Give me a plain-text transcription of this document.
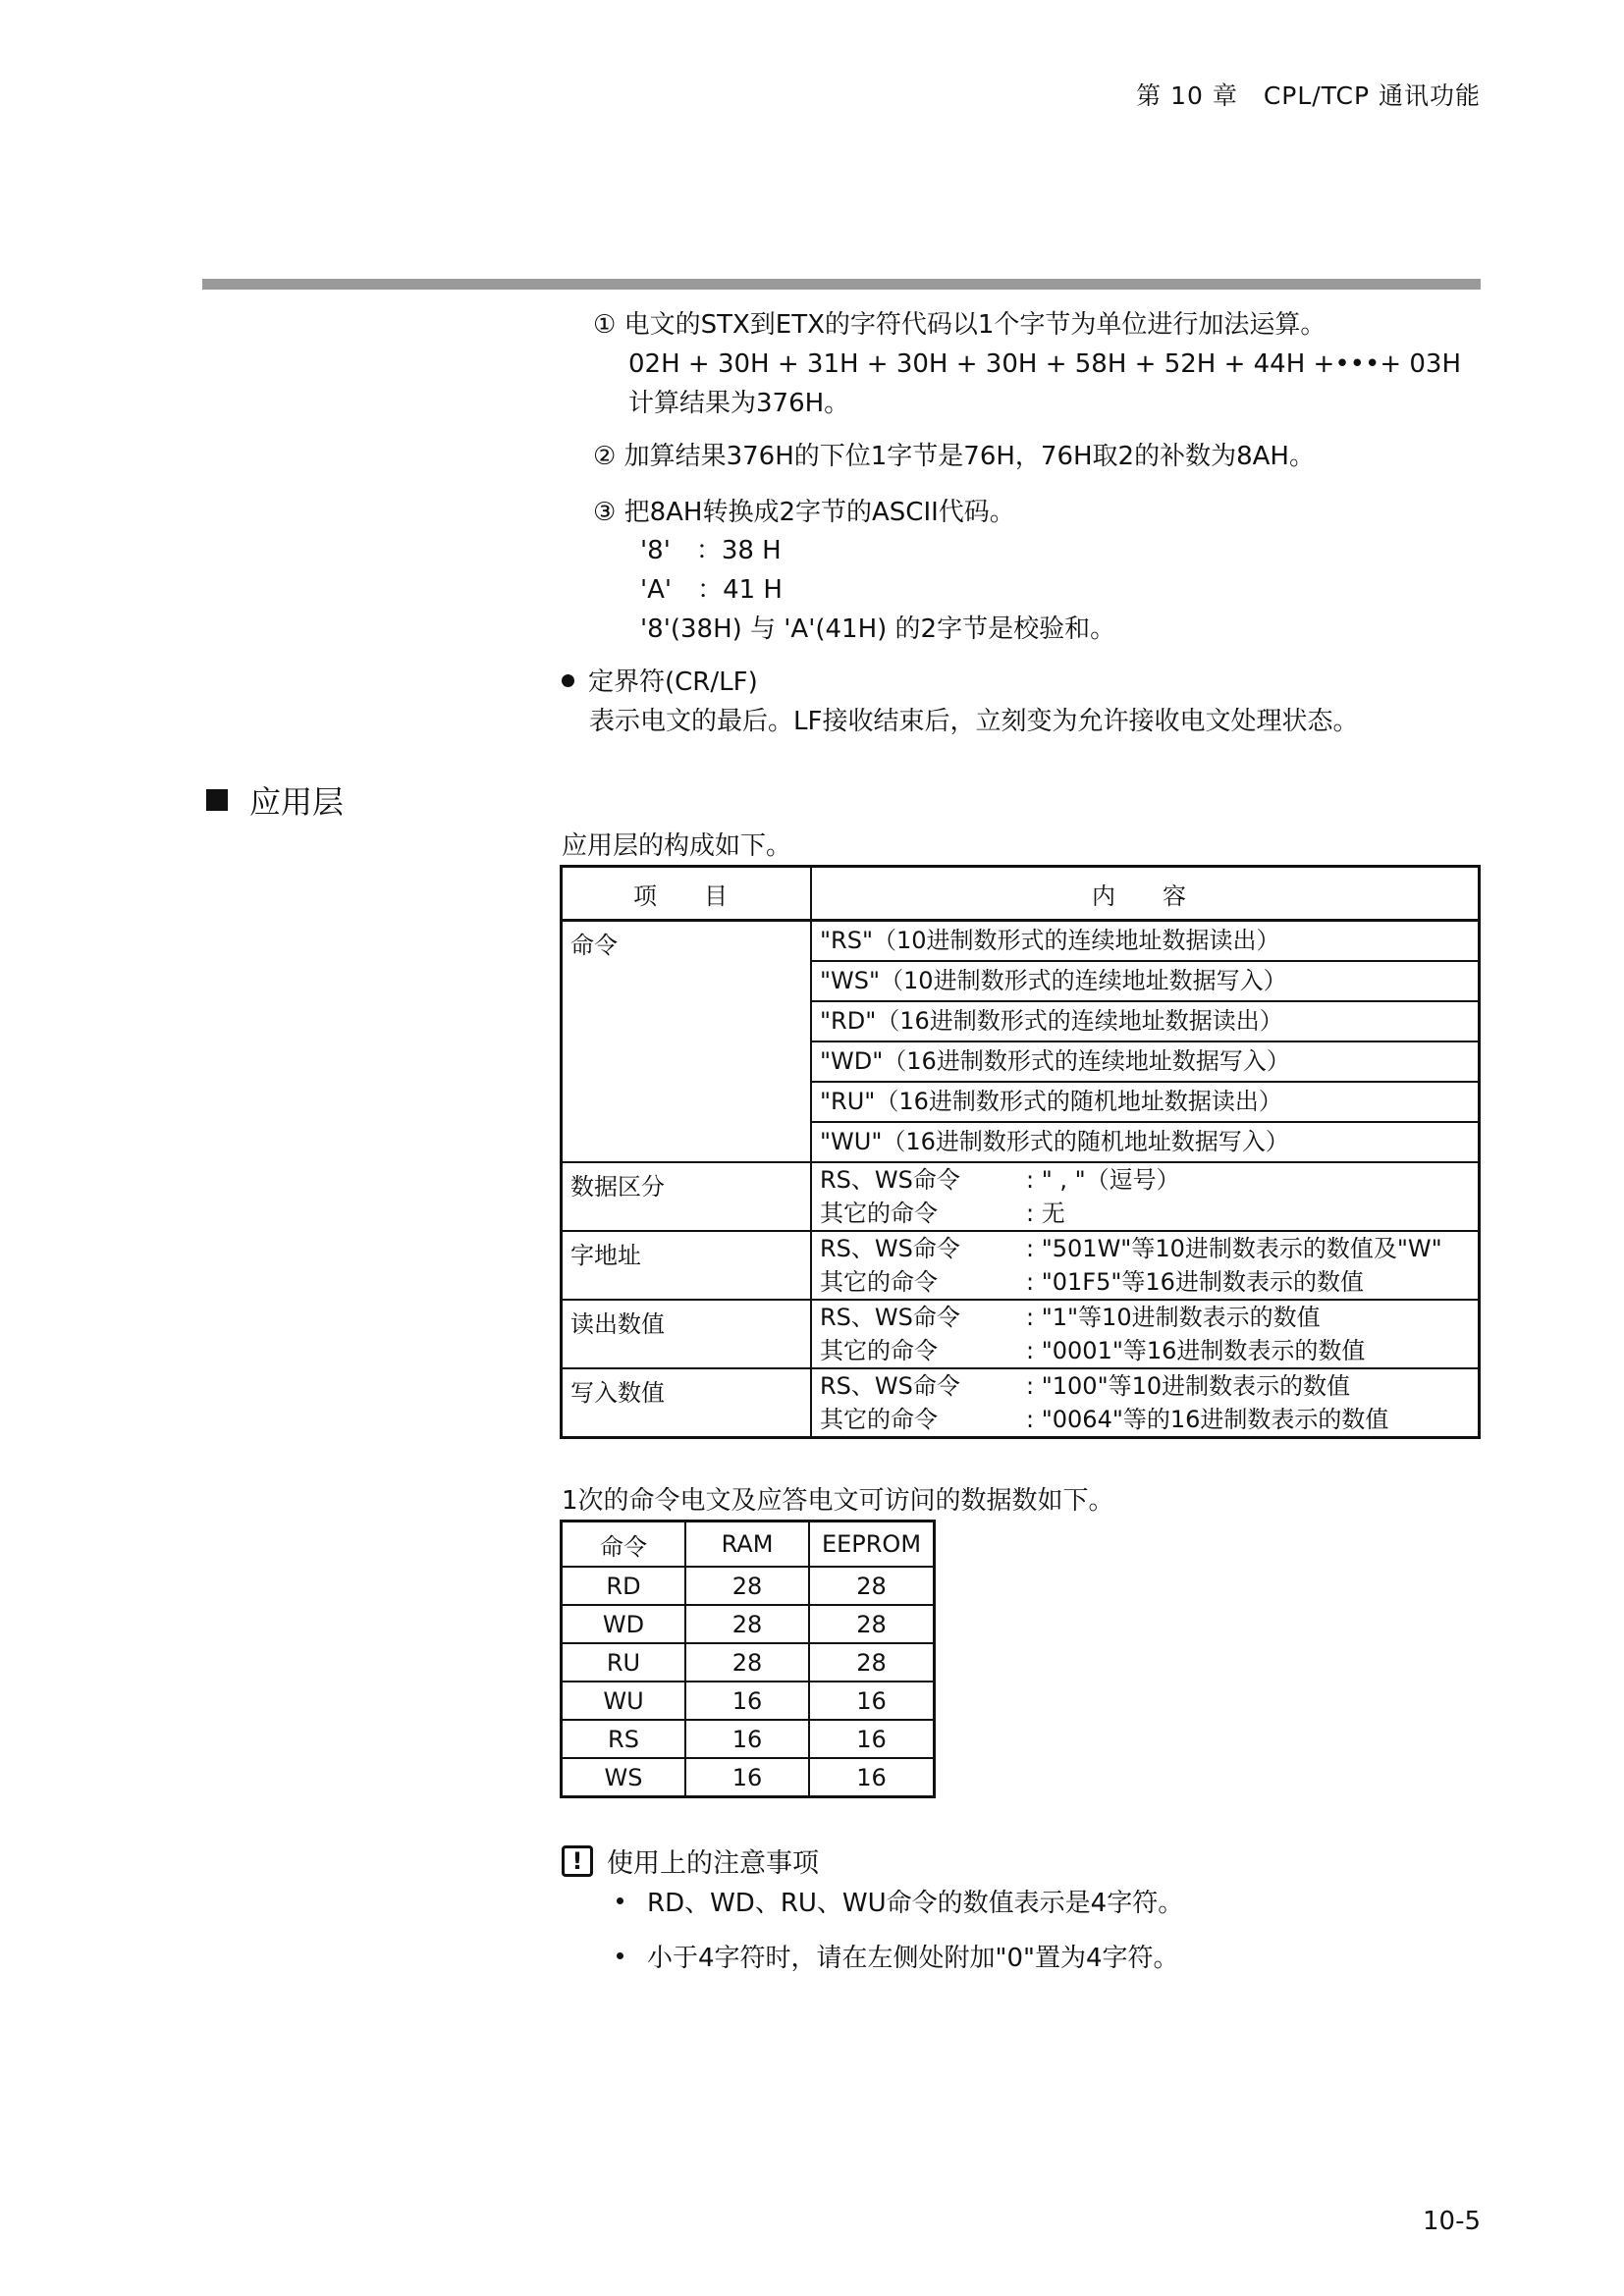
第 10 章　CPL/TCP 通讯功能
① 电文的STX到ETX的字符代码以1个字节为单位进行加法运算。
02H + 30H + 31H + 30H + 30H + 58H + 52H + 44H +•••+ 03H
计算结果为376H。
② 加算结果376H的下位1字节是76H，76H取2的补数为8AH。
③ 把8AH转换成2字节的ASCII代码。
'8'　：38 H
'A'　：41 H
'8'(38H) 与 'A'(41H) 的2字节是校验和。
定界符(CR/LF)
表示电文的最后。LF接收结束后，立刻变为允许接收电文处理状态。
应用层
应用层的构成如下。
项　目	内　容
命令	"RS"（10进制数形式的连续地址数据读出）
	"WS"（10进制数形式的连续地址数据写入）
	"RD"（16进制数形式的连续地址数据读出）
	"WD"（16进制数形式的连续地址数据写入）
	"RU"（16进制数形式的随机地址数据读出）
	"WU"（16进制数形式的随机地址数据写入）
数据区分	RS、WS命令 : " , "（逗号）
其它的命令 : 无

字地址	RS、WS命令 : "501W"等10进制数表示的数值及"W"
其它的命令 : "01F5"等16进制数表示的数值

读出数值	RS、WS命令 : "1"等10进制数表示的数值
其它的命令 : "0001"等16进制数表示的数值

写入数值	RS、WS命令 : "100"等10进制数表示的数值
其它的命令 : "0064"等的16进制数表示的数值
1次的命令电文及应答电文可访问的数据数如下。
命令	RAM	EEPROM
RD	28	28
WD	28	28
RU	28	28
WU	16	16
RS	16	16
WS	16	16
! 使用上的注意事项
RD、WD、RU、WU命令的数值表示是4字符。
小于4字符时，请在左侧处附加"0"置为4字符。
10-5
